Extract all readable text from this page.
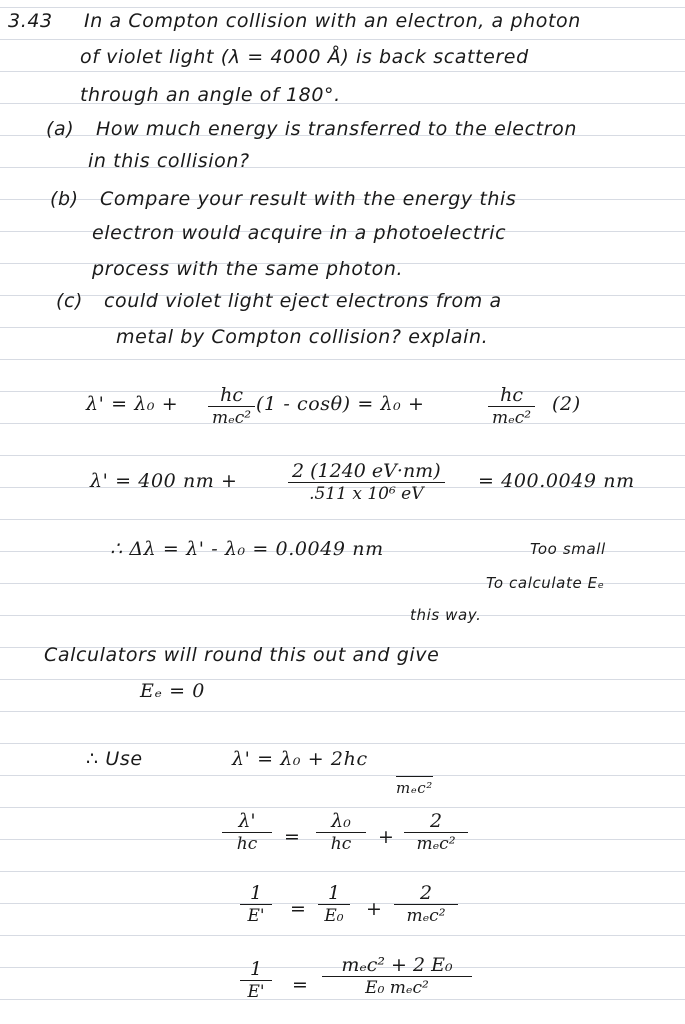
3.43 In a Compton collision with an electron, a photon
of violet light (λ = 4000 Å) is back scattered
through an angle of 180°.
(a) How much energy is transferred to the electron
in this collision?
(b) Compare your result with the energy this
electron would acquire in a photoelectric
process with the same photon.
(c) could violet light eject electrons from a
metal by Compton collision? explain.
λ' = λ₀ +	hc
mₑc²
(1 - cosθ) = λ₀ +	hc
mₑc²
(2)
λ' = 400 nm +	2 (1240 eV·nm)
.511 x 10⁶ eV
= 400.0049 nm
∴ Δλ = λ' - λ₀ = 0.0049 nm	Too small
To calculate Eₑ
this way.
Calculators will round this out and give
Eₑ = 0
∴ Use	λ' = λ₀ + 2hc
mₑc²
λ'
hc	=
λ₀
hc	+
2
mₑc²
1
E'	=
1
E₀	+
2
mₑc²
1
E'	=
mₑc² + 2 E₀
E₀ mₑc²
